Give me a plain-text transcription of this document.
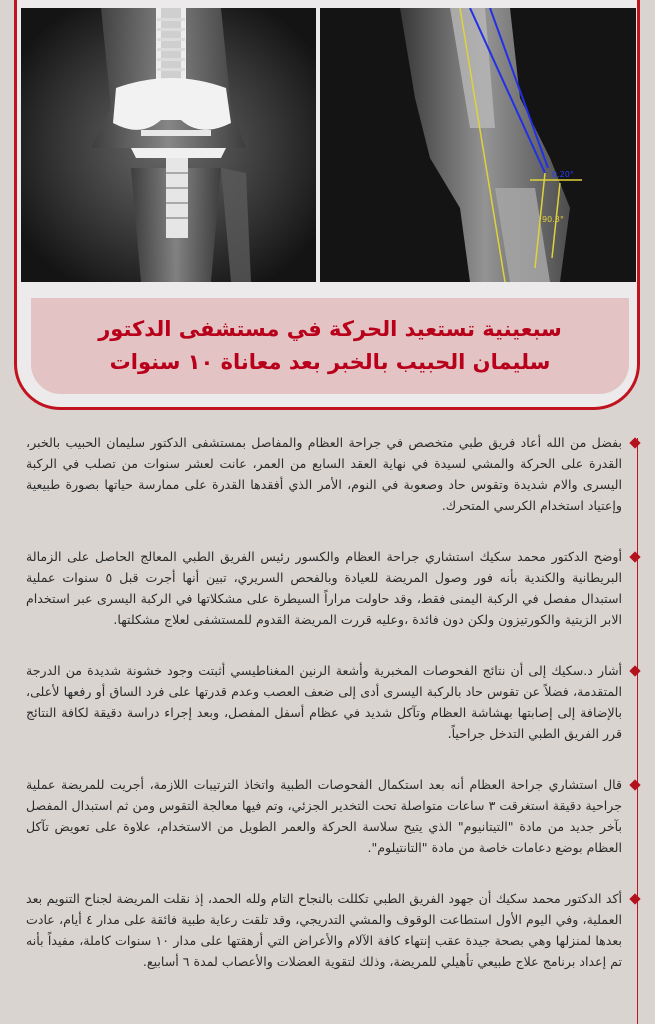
0.20°
90.3°
سبعينية تستعيد الحركة في مستشفى الدكتور
سليمان الحبيب بالخبر بعد معاناة ١٠ سنوات
بفضل من الله أعاد فريق طبي متخصص في جراحة العظام والمفاصل بمستشفى الدكتور سليمان الحبيب بالخبر، القدرة على الحركة والمشي لسيدة في نهاية العقد السابع من العمر، عانت لعشر سنوات من تصلب في الركبة اليسرى والام شديدة وتقوس حاد وصعوبة في النوم، الأمر الذي أفقدها القدرة على ممارسة حياتها بصورة طبيعية وإعتياد استخدام الكرسي المتحرك.
أوضح الدكتور محمد سكيك استشاري جراحة العظام والكسور رئيس الفريق الطبي المعالج الحاصل على الزمالة البريطانية والكندية بأنه فور وصول المريضة للعيادة وبالفحص السريري، تبين أنها أجرت قبل ٥ سنوات عملية استبدال مفصل في الركبة اليمنى فقط، وقد حاولت مراراً السيطرة على مشكلاتها في الركبة اليسرى عبر استخدام الابر الزيتية والكورتيزون ولكن دون فائدة ،وعليه قررت المريضة القدوم للمستشفى لعلاج مشكلتها.
أشار د.سكيك إلى أن نتائج الفحوصات المخبرية وأشعة الرنين المغناطيسي أثبتت وجود خشونة شديدة من الدرجة المتقدمة، فضلاً عن تقوس حاد بالركبة اليسرى أدى إلى ضعف العصب وعدم قدرتها على فرد الساق أو رفعها لأعلى، بالإضافة إلى إصابتها بهشاشة العظام وتآكل شديد في عظام أسفل المفصل، وبعد إجراء دراسة دقيقة لكافة النتائج قرر الفريق الطبي التدخل جراحياً.
قال استشاري جراحة العظام أنه بعد استكمال الفحوصات الطبية واتخاذ الترتيبات اللازمة، أجريت للمريضة عملية جراحية دقيقة استغرقت ٣ ساعات متواصلة تحت التخدير الجزئي، وتم فيها معالجة التقوس ومن ثم استبدال المفصل بآخر جديد من مادة "التيتانيوم" الذي يتيح سلاسة الحركة والعمر الطويل من الاستخدام، علاوة على تعويض تآكل العظام بوضع دعامات خاصة من مادة "التانتيلوم".
أكد الدكتور محمد سكيك أن جهود الفريق الطبي تكللت بالنجاح التام ولله الحمد، إذ نقلت المريضة لجناح التنويم بعد العملية، وفي اليوم الأول استطاعت الوقوف والمشي التدريجي، وقد تلقت رعاية طبية فائقة على مدار ٤ أيام، عادت بعدها لمنزلها وهي بصحة جيدة عقب إنتهاء كافة الآلام والأعراض التي أرهقتها على مدار ١٠ سنوات كاملة، مفيداً بأنه تم إعداد برنامج علاج طبيعي تأهيلي للمريضة، وذلك لتقوية العضلات والأعصاب لمدة ٦ أسابيع.
